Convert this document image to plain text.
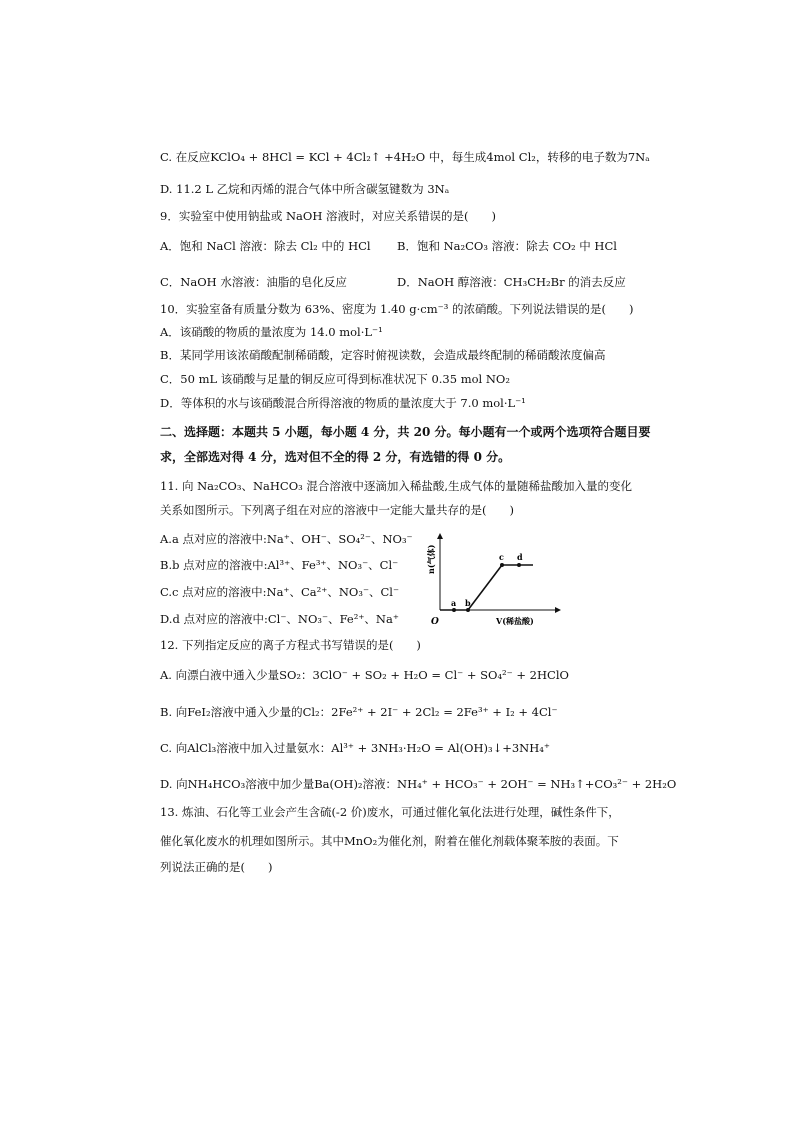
C. 在反应KClO₄ + 8HCl = KCl + 4Cl₂↑ +4H₂O 中，每生成4mol Cl₂，转移的电子数为7Nₐ
D. 11.2 L 乙烷和丙烯的混合气体中所含碳氢键数为 3Nₐ
9．实验室中使用钠盐或 NaOH 溶液时，对应关系错误的是(　　)
A．饱和 NaCl 溶液：除去 Cl₂ 中的 HCl B．饱和 Na₂CO₃ 溶液：除去 CO₂ 中 HCl
C．NaOH 水溶液：油脂的皂化反应	D．NaOH 醇溶液：CH₃CH₂Br 的消去反应
10．实验室备有质量分数为 63%、密度为 1.40 g·cm⁻³ 的浓硝酸。下列说法错误的是(　　)
A．该硝酸的物质的量浓度为 14.0 mol·L⁻¹
B．某同学用该浓硝酸配制稀硝酸，定容时俯视读数，会造成最终配制的稀硝酸浓度偏高
C．50 mL 该硝酸与足量的铜反应可得到标准状况下 0.35 mol NO₂
D．等体积的水与该硝酸混合所得溶液的物质的量浓度大于 7.0 mol·L⁻¹
二、选择题：本题共 5 小题，每小题 4 分，共 20 分。每小题有一个或两个选项符合题目要
求，全部选对得 4 分，选对但不全的得 2 分，有选错的得 0 分。
11. 向 Na₂CO₃、NaHCO₃ 混合溶液中逐滴加入稀盐酸,生成气体的量随稀盐酸加入量的变化
关系如图所示。下列离子组在对应的溶液中一定能大量共存的是(　　)
A.a 点对应的溶液中:Na⁺、OH⁻、SO₄²⁻、NO₃⁻
B.b 点对应的溶液中:Al³⁺、Fe³⁺、NO₃⁻、Cl⁻
C.c 点对应的溶液中:Na⁺、Ca²⁺、NO₃⁻、Cl⁻
D.d 点对应的溶液中:Cl⁻、NO₃⁻、Fe²⁺、Na⁺
a b
c d
O	V(稀盐酸)
n(气体)
12. 下列指定反应的离子方程式书写错误的是(　　)
A. 向漂白液中通入少量SO₂：3ClO⁻ + SO₂ + H₂O = Cl⁻ + SO₄²⁻ + 2HClO
B. 向FeI₂溶液中通入少量的Cl₂：2Fe²⁺ + 2I⁻ + 2Cl₂ = 2Fe³⁺ + I₂ + 4Cl⁻
C. 向AlCl₃溶液中加入过量氨水：Al³⁺ + 3NH₃·H₂O = Al(OH)₃↓+3NH₄⁺
D. 向NH₄HCO₃溶液中加少量Ba(OH)₂溶液：NH₄⁺ + HCO₃⁻ + 2OH⁻ = NH₃↑+CO₃²⁻ + 2H₂O
13. 炼油、石化等工业会产生含硫(-2 价)废水，可通过催化氧化法进行处理，碱性条件下，
催化氧化废水的机理如图所示。其中MnO₂为催化剂，附着在催化剂载体聚苯胺的表面。下
列说法正确的是(　　)
